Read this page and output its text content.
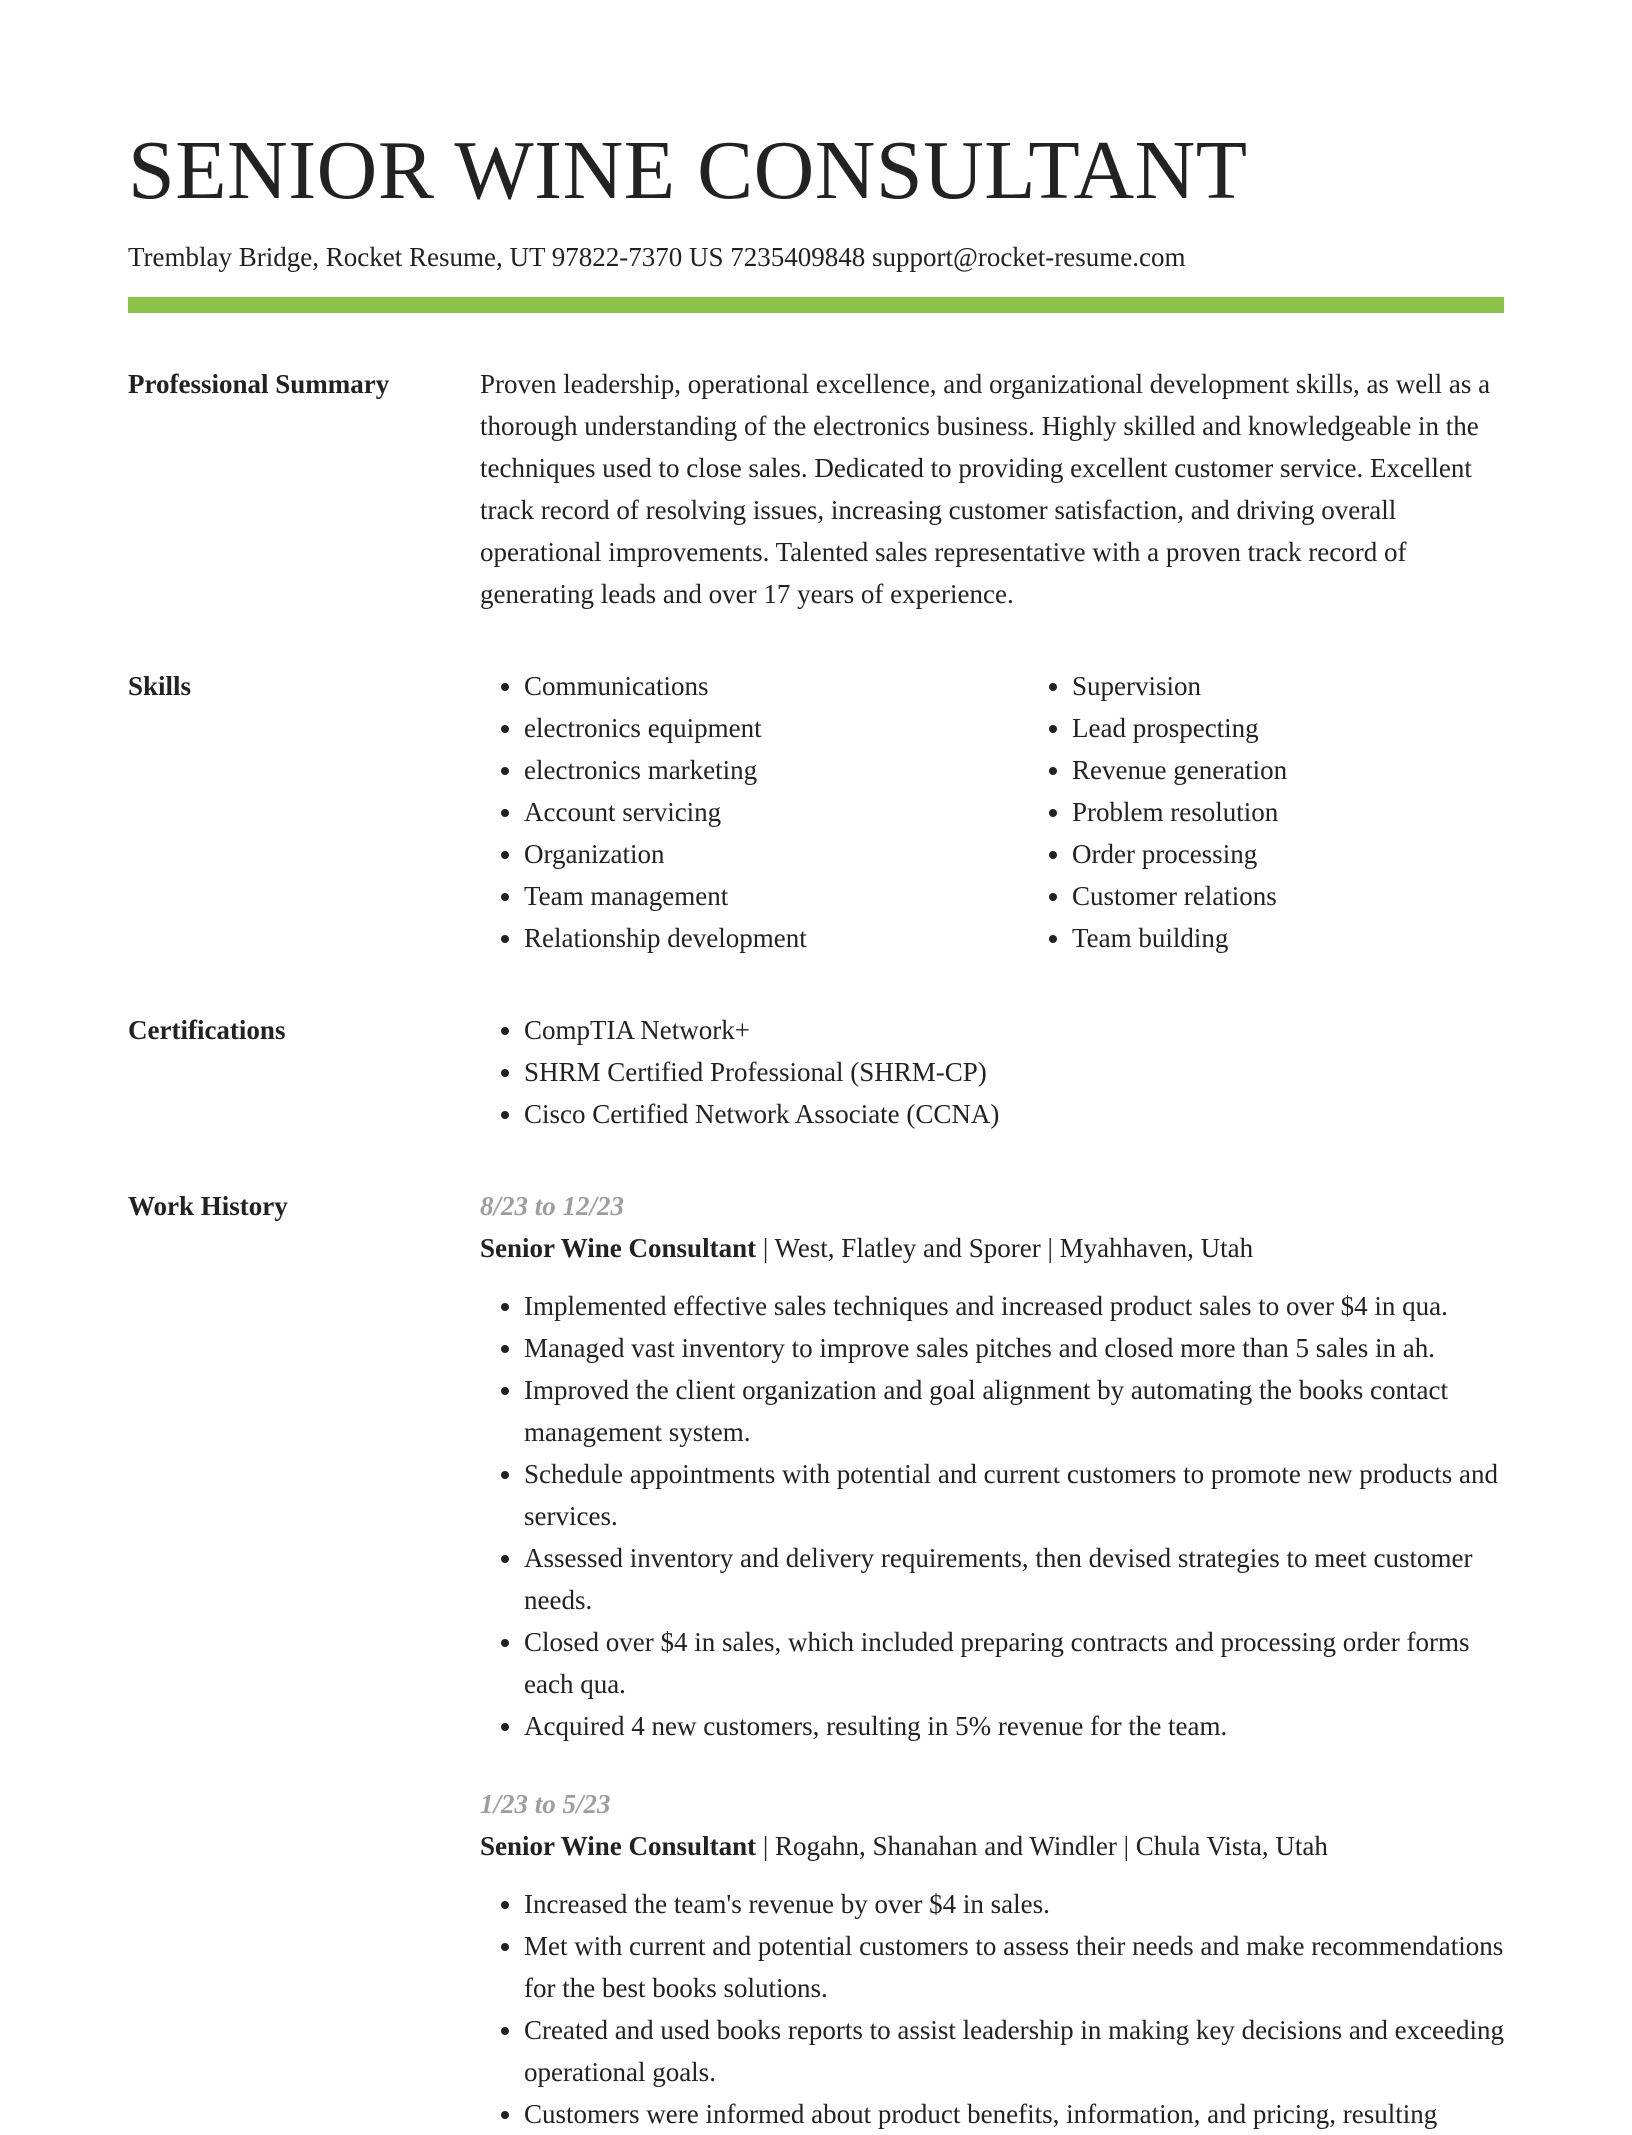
SENIOR WINE CONSULTANT
Tremblay Bridge, Rocket Resume, UT 97822-7370 US 7235409848 support@rocket-resume.com
Professional Summary	Proven leadership, operational excellence, and organizational development skills, as well as a thorough understanding of the electronics business. Highly skilled and knowledgeable in the techniques used to close sales. Dedicated to providing excellent customer service. Excellent track record of resolving issues, increasing customer satisfaction, and driving overall operational improvements. Talented sales representative with a proven track record of generating leads and over 17 years of experience.

Skills	• Communications
• electronics equipment
• electronics marketing
• Account servicing
• Organization
• Team management
• Relationship development
• Supervision
• Lead prospecting
• Revenue generation
• Problem resolution
• Order processing
• Customer relations
• Team building
Certifications	• CompTIA Network+
• SHRM Certified Professional (SHRM-CP)
• Cisco Certified Network Associate (CCNA)
Work History	8/23 to 12/23
Senior Wine Consultant | West, Flatley and Sporer | Myahhaven, Utah
• Implemented effective sales techniques and increased product sales to over $4 in qua.
• Managed vast inventory to improve sales pitches and closed more than 5 sales in ah.
• Improved the client organization and goal alignment by automating the books contact management system.
• Schedule appointments with potential and current customers to promote new products and services.
• Assessed inventory and delivery requirements, then devised strategies to meet customer needs.
• Closed over $4 in sales, which included preparing contracts and processing order forms each qua.
• Acquired 4 new customers, resulting in 5% revenue for the team.
1/23 to 5/23
Senior Wine Consultant | Rogahn, Shanahan and Windler | Chula Vista, Utah
• Increased the team's revenue by over $4 in sales.
• Met with current and potential customers to assess their needs and make recommendations for the best books solutions.
• Created and used books reports to assist leadership in making key decisions and exceeding operational goals.
• Customers were informed about product benefits, information, and pricing, resulting
